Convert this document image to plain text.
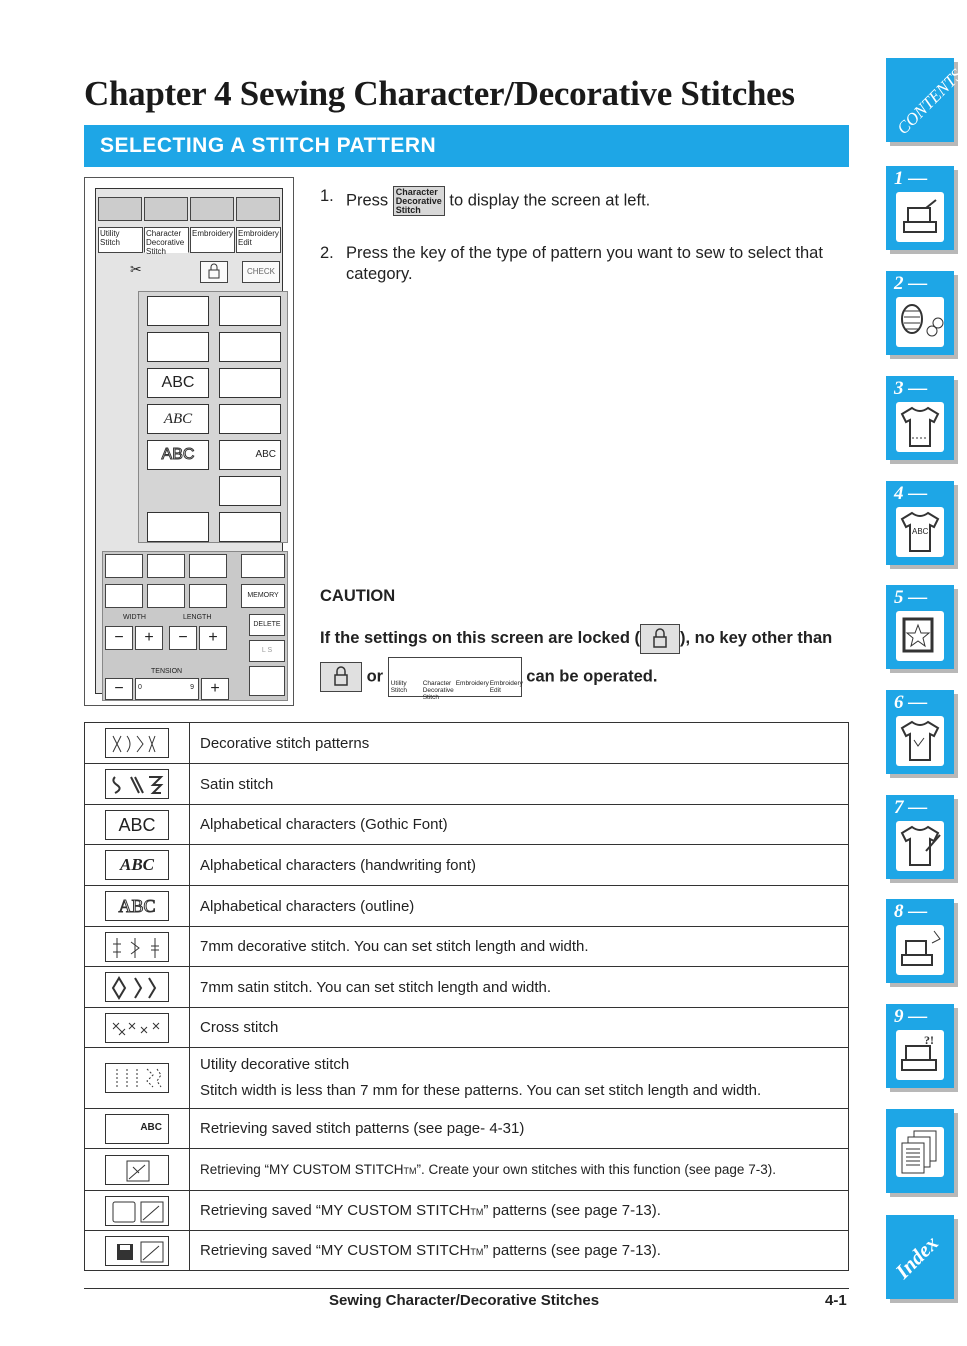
Chapter 4 Sewing Character/Decorative Stitches
SELECTING A STITCH PATTERN
Utility Stitch
Character Decorative Stitch
Embroidery Embroidery Edit
✂	CHECK
ABC
ABC
ABC	ABC
MEMORY
WIDTH	LENGTH
−	+	−	+
DELETE
L S
TENSION
−	0	9	+
1. Press Character Decorative Stitch to display the screen at left.
2. Press the key of the type of pattern you want to sew to select that category.
CAUTION
If the settings on this screen are locked ( ), no key other than
or Utility Stitch
Character Decorative Stitch
Embroidery Embroidery Edit
can be operated.
	Decorative stitch patterns

	Satin stitch
ABC	Alphabetical characters (Gothic Font)
ABC	Alphabetical characters (handwriting font)
ABC	Alphabetical characters (outline)

	7mm decorative stitch. You can set stitch length and width.

	7mm satin stitch. You can set stitch length and width.

	Cross stitch

Utility decorative stitch
Stitch width is less than 7 mm for these patterns. You can set stitch length and width.

ABC	Retrieving saved stitch patterns (see page- 4-31)

	Retrieving “MY CUSTOM STITCHTM”. Create your own stitches with this function (see page 7-3).

	Retrieving saved “MY CUSTOM STITCHTM” patterns (see page 7-13).

	Retrieving saved “MY CUSTOM STITCHTM” patterns (see page 7-13).
Sewing Character/Decorative Stitches	4-1
CONTENTS
1 —
2 —
3 —
4 —
ABC
5 —
6 —
7 —
8 —
9 —
?!
Index
